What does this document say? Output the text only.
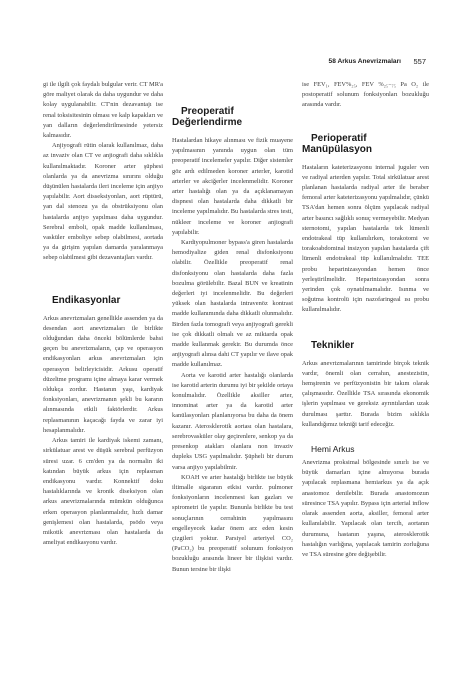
58 Arkus Anevrizmaları 557

gi ile ilgili çok faydalı bulgular verir. CT MR'a göre maliyet olarak da daha uygundur ve daha kolay uygulanabilir. CT'nin dezavantajı ise renal toksisitesinin olması ve kalp kapakları ve yan dalların değerlendirilmesinde yetersiz kalmasıdır.

Anjiyografi rütin olarak kullanılmaz, daha az invaziv olan CT ve anjiografi daha sıklıkla kullanılmaktadır. Koroner arter şüphesi olanlarda ya da anevrizma sınırını olduğu düşünülen hastalarda ileri inceleme için anjiyo yapılabilir. Aort disseksiyonları, aort rüptürü, yan dal stenozu ya da obstrüksiyonu olan hastalarda anjiyo yapılması daha uygundur. Serebral emboli, opak madde kullanılması, vasküler emboliye sebep olabilmesi, aortada ya da girişim yapılan damarda yaralanmaya sebep olabilmesi gibi dezavantajları vardır.

Endikasyonlar

Arkus anevrizmaları genellikle assenden ya da desendan aort anevrizmaları ile birlikte olduğundan daha önceki bölümlerde bahsi geçen bu anevrizmaların, çap ve operasyon endikasyonları arkus anevrizmaları için operasyon belirleyicisidir. Arkusu operatif düzeltme programı içine almaya karar vermek oldukça zordur. Hastanın yaşı, kardiyak fonksiyonları, anevrizmanın şekli bu kararın alınmasında etkili faktörlerdir. Arkus replasmanının kaçacağı fayda ve zarar iyi hesaplanmalıdır.

Arkus tamiri ile kardiyak iskemi zamanı, sirkülatuar arest ve düşük serebral perfüzyon süresi uzar. 6 cm'den ya da normalin iki katından büyük arkus için replasman endikasyonu vardır. Konnektif doku hastalıklarında ve kronik diseksiyon olan arkus anevrizmalarında mümkün olduğunca erken operasyon planlanmalıdır, hızlı damar genişlemesi olan hastalarda, psödo veya mikotik anevrizması olan hastalarda da ameliyat endikasyonu vardır.

Preoperatif Değerlendirme

Hastalardan hikaye alınması ve fizik muayene yapılmasının yanında uygun olan tüm preoperatif incelemeler yapılır. Diğer sistemler göz ardı edilmeden koroner arterler, karotid arterler ve akciğerler incelenmelidir. Koroner arter hastalığı olan ya da açıklanamayan dispnesi olan hastalarda daha dikkatli bir inceleme yapılmalıdır. Bu hastalarda stres testi, nükleer inceleme ve koroner anjiografi yapılabilir.

Kardiyopulmoner bypass'a giren hastalarda hemodiyalize giden renal disfonksiyonu olabilir. Özellikle preoperatif renal disfonksiyonu olan hastalarda daha fazla bozulma görülebilir. Bazal BUN ve kreatinin değerleri iyi incelenmelidir. Bu değerleri yüksek olan hastalarda intravenöz kontrast madde kullanımında daha dikkatli olunmalıdır. Birden fazla tomografi veya anjiyografi gerekli ise çok dikkatli olmalı ve az miktarda opak madde kullanmak gerekir. Bu durumda önce anjiyografi alınsa dahi CT yapılır ve ilave opak madde kullanılmaz.

Aorta ve karotid arter hastalığı olanlarda ise karotid arterin durumu iyi bir şekilde ortaya konulmalıdır. Özellikle aksiller arter, innominat arter ya da karotid arter kanülasyonları planlanıyorsa bu daha da önem kazanır. Aterosklerotik aortası olan hastalara, serebrovasküler olay geçirenlere, senkop ya da presenkop atakları olanlara non invaziv dupleks USG yapılmalıdır. Şüpheli bir durum varsa anjiyo yapılabilmir.

KOAH ve arter hastalığı birlikte ise büyük iltimalle sigaranın etkisi vardır. pulmoner fonksiyonların incelenmesi kan gazları ve spirometri ile yapılır. Bununla birlikte bu test sonuçlarının cerrahinin yapılmasını engelleyecek kadar önem arz eden kesin çizgileri yoktur. Parsiyel arteriyel CO₂ (PaCO₂) bu preoperatif solunum fonksiyon bozukluğu arasında lineer bir ilişkisi vardır. Bunun tersine bir ilişki

ise FEV₁, FEV%₂₅, FEV %₂₅₋₇₅ Pa O₂ ile postoperatif solunum fonksiyonları bozukluğu arasında vardır.

Perioperatif Manüpülasyon

Hastaların kateterizasyonu internal juguler ven ve radiyal arterden yapılır. Total sirkülatuar arest planlanan hastalarda radiyal arter ile beraber femoral arter kateterizasyonu yapılmalıdır, çünkü TSA'dan hemen sonra ölçüm yapılacak radiyal arter basıncı sağlıklı sonuç vermeyebilir. Medyan sternotomi, yapılan hastalarda tek lümenli endotrakeal tüp kullanılırken, torakotomi ve torakoabdominal insizyon yapılan hastalarda çift lümenli endotrakeal tüp kullanılmalıdır. TEE probu heparinizasyondan hemen önce yerleştirilmelidir. Heparinizasyondan sonra yerinden çok oynatılmamalıdır. Isınma ve soğutma kontrolü için nazofaringeal ısı probu kullanılmalıdır.

Teknikler

Arkus anevrizmalarının tamirinde birçok teknik vardır, önemli olan cerrahın, anestezistin, hemşirenin ve perfüzyonistin bir takım olarak çalışmasıdır. Özellikle TSA sırasında ekonomik işlerin yapılması ve gereksiz ayrıntılardan uzak durulması şarttır. Burada bizim sıklıkla kullandığımız tekniği tarif edeceğiz.

Hemi Arkus

Anevrizma proksimal bölgesinde sınırlı ise ve büyük damarları içine almıyorsa burada yapılacak replasmana hemiarkus ya da açık anastomoz denilebilir. Burada anastomozun süresince TSA yapılır. Bypass için arterial inflow olarak assenden aorta, aksiller, femoral arter kullanılabilir. Yapılacak olan tercih, aortanın durumuna, hastanın yaşına, aterosklerotik hastalığın varlığına, yapılacak tamirin zorluğuna ve TSA süresine göre değişebilir.
